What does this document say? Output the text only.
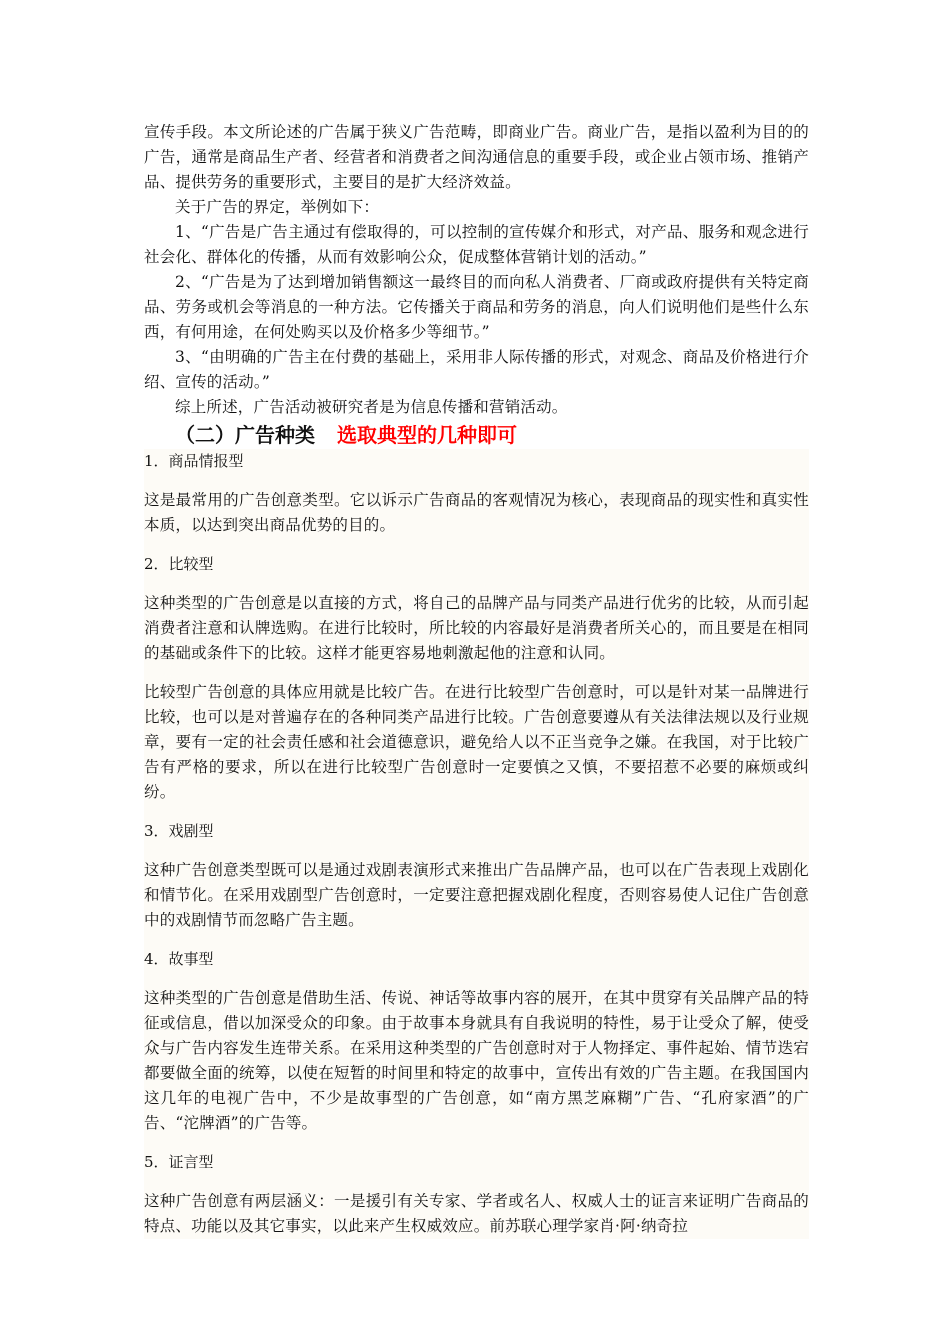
宣传手段。本文所论述的广告属于狭义广告范畴，即商业广告。商业广告，是指以盈利为目的的广告，通常是商品生产者、经营者和消费者之间沟通信息的重要手段，或企业占领市场、推销产品、提供劳务的重要形式，主要目的是扩大经济效益。

关于广告的界定，举例如下：

1、“广告是广告主通过有偿取得的，可以控制的宣传媒介和形式，对产品、服务和观念进行社会化、群体化的传播，从而有效影响公众，促成整体营销计划的活动。”

2、“广告是为了达到增加销售额这一最终目的而向私人消费者、厂商或政府提供有关特定商品、劳务或机会等消息的一种方法。它传播关于商品和劳务的消息，向人们说明他们是些什么东西，有何用途，在何处购买以及价格多少等细节。”

3、“由明确的广告主在付费的基础上，采用非人际传播的形式，对观念、商品及价格进行介绍、宣传的活动。”

综上所述，广告活动被研究者是为信息传播和营销活动。

（二）广告种类 选取典型的几种即可

1．商品情报型

这是最常用的广告创意类型。它以诉示广告商品的客观情况为核心，表现商品的现实性和真实性本质，以达到突出商品优势的目的。

2．比较型

这种类型的广告创意是以直接的方式，将自己的品牌产品与同类产品进行优劣的比较，从而引起消费者注意和认牌选购。在进行比较时，所比较的内容最好是消费者所关心的，而且要是在相同的基础或条件下的比较。这样才能更容易地刺激起他的注意和认同。

比较型广告创意的具体应用就是比较广告。在进行比较型广告创意时，可以是针对某一品牌进行比较，也可以是对普遍存在的各种同类产品进行比较。广告创意要遵从有关法律法规以及行业规章，要有一定的社会责任感和社会道德意识，避免给人以不正当竞争之嫌。在我国，对于比较广告有严格的要求，所以在进行比较型广告创意时一定要慎之又慎，不要招惹不必要的麻烦或纠纷。

3．戏剧型

这种广告创意类型既可以是通过戏剧表演形式来推出广告品牌产品，也可以在广告表现上戏剧化和情节化。在采用戏剧型广告创意时，一定要注意把握戏剧化程度，否则容易使人记住广告创意中的戏剧情节而忽略广告主题。

4．故事型

这种类型的广告创意是借助生活、传说、神话等故事内容的展开，在其中贯穿有关品牌产品的特征或信息，借以加深受众的印象。由于故事本身就具有自我说明的特性，易于让受众了解，使受众与广告内容发生连带关系。在采用这种类型的广告创意时对于人物择定、事件起始、情节迭宕都要做全面的统筹，以使在短暂的时间里和特定的故事中，宣传出有效的广告主题。在我国国内这几年的电视广告中，不少是故事型的广告创意，如“南方黑芝麻糊”广告、“孔府家酒”的广告、“沱牌酒”的广告等。

5．证言型

这种广告创意有两层涵义：一是援引有关专家、学者或名人、权威人士的证言来证明广告商品的特点、功能以及其它事实，以此来产生权威效应。前苏联心理学家肖·阿·纳奇拉
